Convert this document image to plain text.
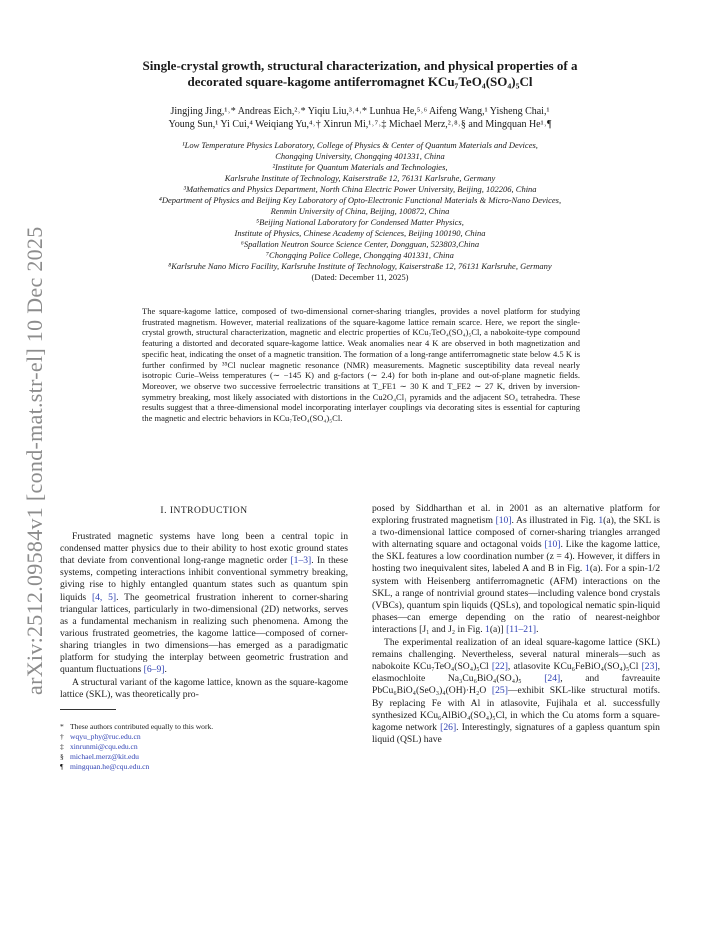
arXiv:2512.09584v1 [cond-mat.str-el] 10 Dec 2025
Single-crystal growth, structural characterization, and physical properties of a
decorated square-kagome antiferromagnet KCu₇TeO₄(SO₄)₅Cl
Jingjing Jing,¹˒* Andreas Eich,²˒* Yiqiu Liu,³˒⁴˒* Lunhua He,⁵˒⁶ Aifeng Wang,¹ Yisheng Chai,¹
Young Sun,¹ Yi Cui,⁴ Weiqiang Yu,⁴˒† Xinrun Mi,¹˒⁷˒‡ Michael Merz,²˒⁸˒§ and Mingquan He¹˒¶
¹Low Temperature Physics Laboratory, College of Physics & Center of Quantum Materials and Devices,
Chongqing University, Chongqing 401331, China
²Institute for Quantum Materials and Technologies,
Karlsruhe Institute of Technology, Kaiserstraße 12, 76131 Karlsruhe, Germany
³Mathematics and Physics Department, North China Electric Power University, Beijing, 102206, China
⁴Department of Physics and Beijing Key Laboratory of Opto-Electronic Functional Materials & Micro-Nano Devices,
Renmin University of China, Beijing, 100872, China
⁵Beijing National Laboratory for Condensed Matter Physics,
Institute of Physics, Chinese Academy of Sciences, Beijing 100190, China
⁶Spallation Neutron Source Science Center, Dongguan, 523803,China
⁷Chongqing Police College, Chongqing 401331, China
⁸Karlsruhe Nano Micro Facility, Karlsruhe Institute of Technology, Kaiserstraße 12, 76131 Karlsruhe, Germany
(Dated: December 11, 2025)
The square-kagome lattice, composed of two-dimensional corner-sharing triangles, provides a novel platform for studying frustrated magnetism. However, material realizations of the square-kagome lattice remain scarce. Here, we report the single-crystal growth, structural characterization, magnetic and electric properties of KCu₇TeO₄(SO₄)₅Cl, a nabokoite-type compound featuring a distorted and decorated square-kagome lattice. Weak anomalies near 4 K are observed in both magnetization and specific heat, indicating the onset of a magnetic transition. The formation of a long-range antiferromagnetic state below 4.5 K is further confirmed by ³⁵Cl nuclear magnetic resonance (NMR) measurements. Magnetic susceptibility data reveal nearly isotropic Curie–Weiss temperatures (∼ −145 K) and g-factors (∼ 2.4) for both in-plane and out-of-plane magnetic fields. Moreover, we observe two successive ferroelectric transitions at T_FE1 ∼ 30 K and T_FE2 ∼ 27 K, driven by inversion-symmetry breaking, most likely associated with distortions in the Cu2O₄Cl₁ pyramids and the adjacent SO₄ tetrahedra. These results suggest that a three-dimensional model incorporating interlayer couplings via decorating sites is essential for capturing the magnetic and electric behaviors in KCu₇TeO₄(SO₄)₅Cl.
I. INTRODUCTION

Frustrated magnetic systems have long been a central topic in condensed matter physics due to their ability to host exotic ground states that deviate from conventional long-range magnetic order [1–3]. In these systems, competing interactions inhibit conventional symmetry breaking, giving rise to highly entangled quantum states such as quantum spin liquids [4, 5]. The geometrical frustration inherent to corner-sharing triangular lattices, particularly in two-dimensional (2D) networks, serves as a fundamental mechanism in realizing such phenomena. Among the various frustrated geometries, the kagome lattice—composed of corner-sharing triangles in two dimensions—has emerged as a paradigmatic platform for studying the interplay between geometric frustration and quantum fluctuations [6–9].

A structural variant of the kagome lattice, known as the square-kagome lattice (SKL), was theoretically pro-

* These authors contributed equally to this work.

† wqyu_phy@ruc.edu.cn

‡ xinrunmi@cqu.edu.cn

§ michael.merz@kit.edu

¶ mingquan.he@cqu.edu.cn

posed by Siddharthan et al. in 2001 as an alternative platform for exploring frustrated magnetism [10]. As illustrated in Fig. 1(a), the SKL is a two-dimensional lattice composed of corner-sharing triangles arranged with alternating square and octagonal voids [10]. Like the kagome lattice, the SKL features a low coordination number (z = 4). However, it differs in hosting two inequivalent sites, labeled A and B in Fig. 1(a). For a spin-1/2 system with Heisenberg antiferromagnetic (AFM) interactions on the SKL, a range of nontrivial ground states—including valence bond crystals (VBCs), quantum spin liquids (QSLs), and topological nematic spin-liquid phases—can emerge depending on the ratio of nearest-neighbor interactions [J₁ and J₂ in Fig. 1(a)] [11–21].

The experimental realization of an ideal square-kagome lattice (SKL) remains challenging. Nevertheless, several natural minerals—such as nabokoite KCu₇TeO₄(SO₄)₅Cl [22], atlasovite KCu₆FeBiO₄(SO₄)₅Cl [23], elasmochloite Na₃Cu₆BiO₄(SO₄)₅ [24], and favreauite PbCu₆BiO₄(SeO₃)₄(OH)·H₂O [25]—exhibit SKL-like structural motifs. By replacing Fe with Al in atlasovite, Fujihala et al. successfully synthesized KCu₆AlBiO₄(SO₄)₅Cl, in which the Cu atoms form a square-kagome network [26]. Interestingly, signatures of a gapless quantum spin liquid (QSL) have
